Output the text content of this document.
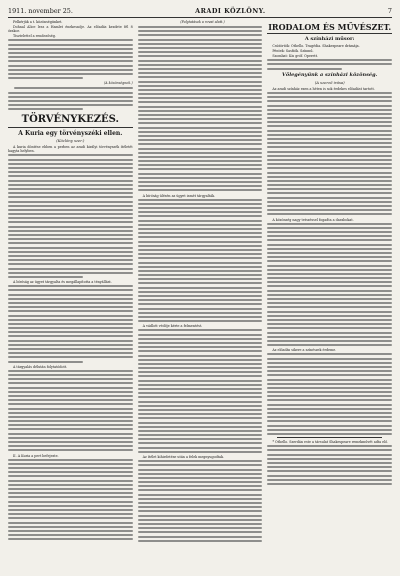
1911. november 25.	ARADI KÖZLÖNY.	7

Felkérjük a t. közönségünket.

Dohnal Alice lesz a Hamlet énekesnője. Az előadás kezdete fél 8 órakor.

Tisztelettel a rendezőség.

(A közönségnek.)
TÖRVÉNYKEZÉS.
A Kuria egy törvényszéki ellen.
(Közlöny szer.)

A kuria döntése ebben a perben az aradi királyi törvényszék ítéletét hagyta helyben.

A bíróság az ügyet tárgyalta és megállapította a tényállást.

A tárgyalás délután folytatódott.

II. A Kuria a pert befejezte.

(Folytatások a rovat alatt.)

A bíróság ülésén az ügyet ismét tárgyalták.

A vádlott védője kérte a felmentést.

Az ítélet kihirdetése után a felek megnyugodtak.

IRODALOM ÉS MŰVÉSZET.
A színházi műsor:

Csütörtök: Othello. Tragédia. Shakespeare drámája.

Péntek: Sasfiók. Színmű.

Szombat: Kis gróf. Operett.

Vőlegényünk a színházi közönség.
(A szerző irása)

Az aradi színház ezen a héten is sok érdekes előadást tartott.

A közönség nagy tetszéssel fogadta a darabokat.

Az előadás sikere a színészek érdeme.

* Othello. Szerdán este a társulat Shakespeare remekművét adta elő.
